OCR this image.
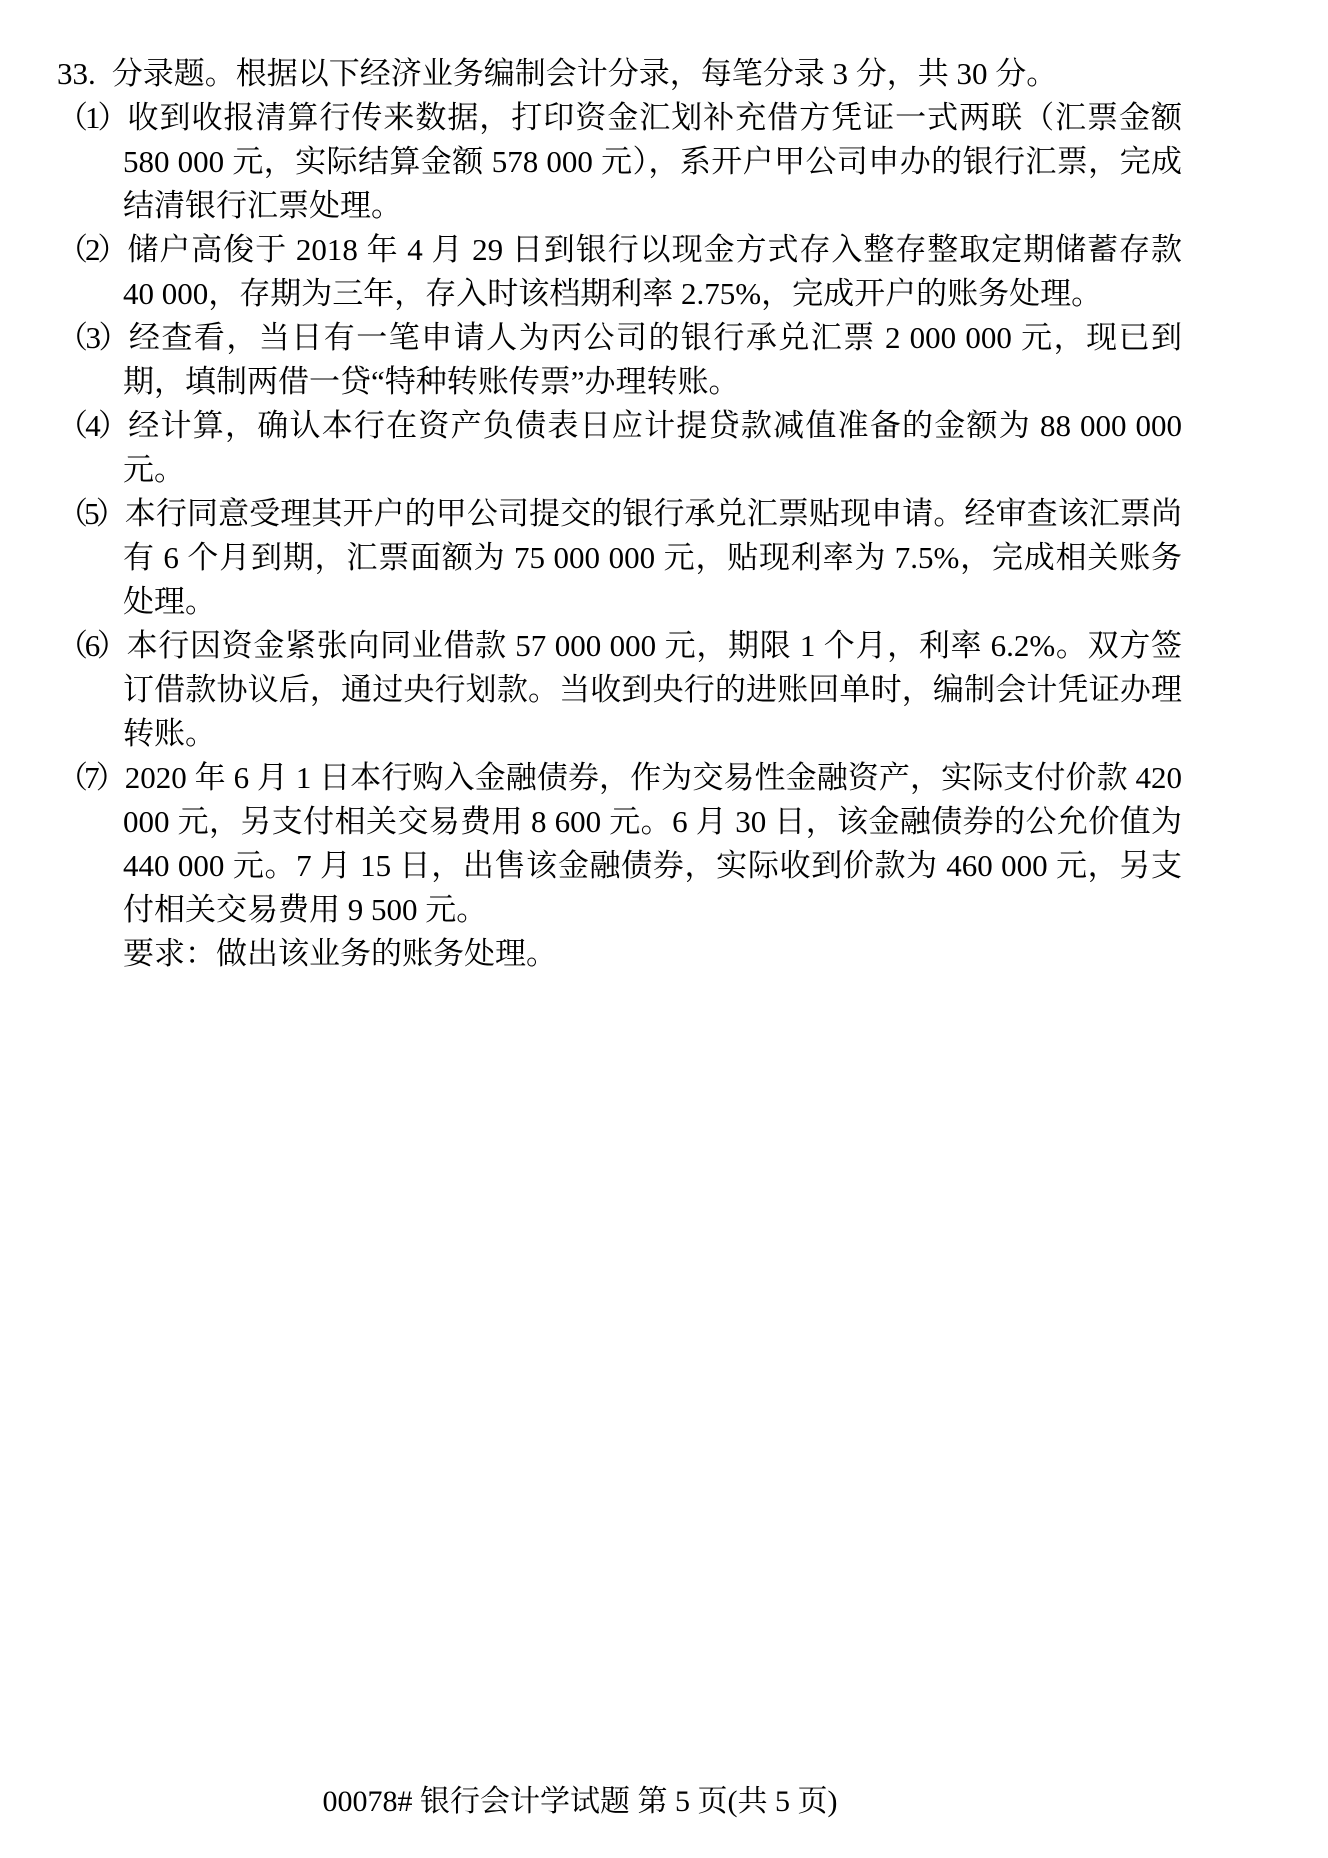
33. 分录题。根据以下经济业务编制会计分录，每笔分录 3 分，共 30 分。

（1）收到收报清算行传来数据，打印资金汇划补充借方凭证一式两联（汇票金额 580 000 元，实际结算金额 578 000 元），系开户甲公司申办的银行汇票，完成结清银行汇票处理。

（2）储户高俊于 2018 年 4 月 29 日到银行以现金方式存入整存整取定期储蓄存款 40 000，存期为三年，存入时该档期利率 2.75%，完成开户的账务处理。

（3）经查看，当日有一笔申请人为丙公司的银行承兑汇票 2 000 000 元，现已到期，填制两借一贷“特种转账传票”办理转账。

（4）经计算，确认本行在资产负债表日应计提贷款减值准备的金额为 88 000 000 元。

（5）本行同意受理其开户的甲公司提交的银行承兑汇票贴现申请。经审查该汇票尚有 6 个月到期，汇票面额为 75 000 000 元，贴现利率为 7.5%，完成相关账务处理。

（6）本行因资金紧张向同业借款 57 000 000 元，期限 1 个月，利率 6.2%。双方签订借款协议后，通过央行划款。当收到央行的进账回单时，编制会计凭证办理转账。

（7）2020 年 6 月 1 日本行购入金融债券，作为交易性金融资产，实际支付价款 420 000 元，另支付相关交易费用 8 600 元。6 月 30 日，该金融债券的公允价值为 440 000 元。7 月 15 日，出售该金融债券，实际收到价款为 460 000 元，另支付相关交易费用 9 500 元。

要求：做出该业务的账务处理。

00078# 银行会计学试题 第 5 页(共 5 页)
